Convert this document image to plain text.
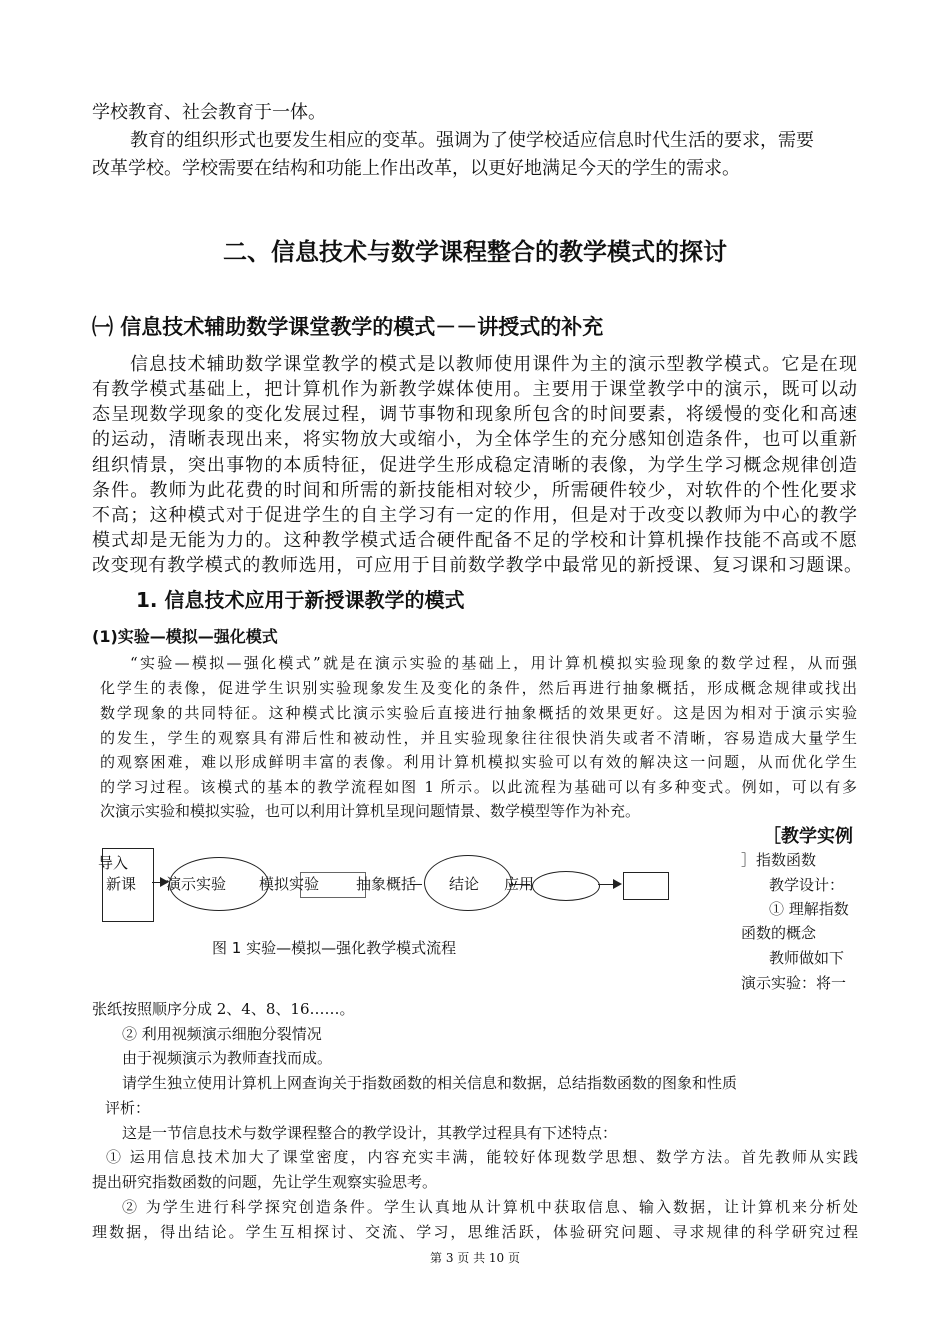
学校教育、社会教育于一体。
教育的组织形式也要发生相应的变革。强调为了使学校适应信息时代生活的要求，需要
改革学校。学校需要在结构和功能上作出改革，以更好地满足今天的学生的需求。
二、信息技术与数学课程整合的教学模式的探讨
㈠ 信息技术辅助数学课堂教学的模式－－讲授式的补充
信息技术辅助数学课堂教学的模式是以教师使用课件为主的演示型教学模式。它是在现
有教学模式基础上，把计算机作为新教学媒体使用。主要用于课堂教学中的演示，既可以动
态呈现数学现象的变化发展过程，调节事物和现象所包含的时间要素，将缓慢的变化和高速
的运动，清晰表现出来，将实物放大或缩小，为全体学生的充分感知创造条件，也可以重新
组织情景，突出事物的本质特征，促进学生形成稳定清晰的表像，为学生学习概念规律创造
条件。教师为此花费的时间和所需的新技能相对较少，所需硬件较少，对软件的个性化要求
不高；这种模式对于促进学生的自主学习有一定的作用，但是对于改变以教师为中心的教学
模式却是无能为力的。这种教学模式适合硬件配备不足的学校和计算机操作技能不高或不愿
改变现有教学模式的教师选用，可应用于目前数学教学中最常见的新授课、复习课和习题课。
1. 信息技术应用于新授课教学的模式
(1)实验—模拟—强化模式
“实验—模拟—强化模式”就是在演示实验的基础上，用计算机模拟实验现象的数学过程，从而强
化学生的表像，促进学生识别实验现象发生及变化的条件，然后再进行抽象概括，形成概念规律或找出
数学现象的共同特征。这种模式比演示实验后直接进行抽象概括的效果更好。这是因为相对于演示实验
的发生，学生的观察具有滞后性和被动性，并且实验现象往往很快消失或者不清晰，容易造成大量学生
的观察困难，难以形成鲜明丰富的表像。利用计算机模拟实验可以有效的解决这一问题，从而优化学生
的学习过程。该模式的基本的教学流程如图 1 所示。以此流程为基础可以有多种变式。例如，可以有多
次演示实验和模拟实验，也可以利用计算机呈现问题情景、数学模型等作为补充。
导入
新课 演示实验 模拟实验 抽象概括 结论 应用
图 1 实验—模拟—强化教学模式流程
［教学实例
］指数函数
教学设计：
① 理解指数
函数的概念
教师做如下
演示实验：将一
张纸按照顺序分成 2、4、8、16……。
② 利用视频演示细胞分裂情况
由于视频演示为教师查找而成。
请学生独立使用计算机上网查询关于指数函数的相关信息和数据，总结指数函数的图象和性质
评析：
这是一节信息技术与数学课程整合的教学设计，其教学过程具有下述特点：
① 运用信息技术加大了课堂密度，内容充实丰满，能较好体现数学思想、数学方法。首先教师从实践
提出研究指数函数的问题，先让学生观察实验思考。
② 为学生进行科学探究创造条件。学生认真地从计算机中获取信息、输入数据，让计算机来分析处
理数据，得出结论。学生互相探讨、交流、学习，思维活跃，体验研究问题、寻求规律的科学研究过程
第 3 页 共 10 页
